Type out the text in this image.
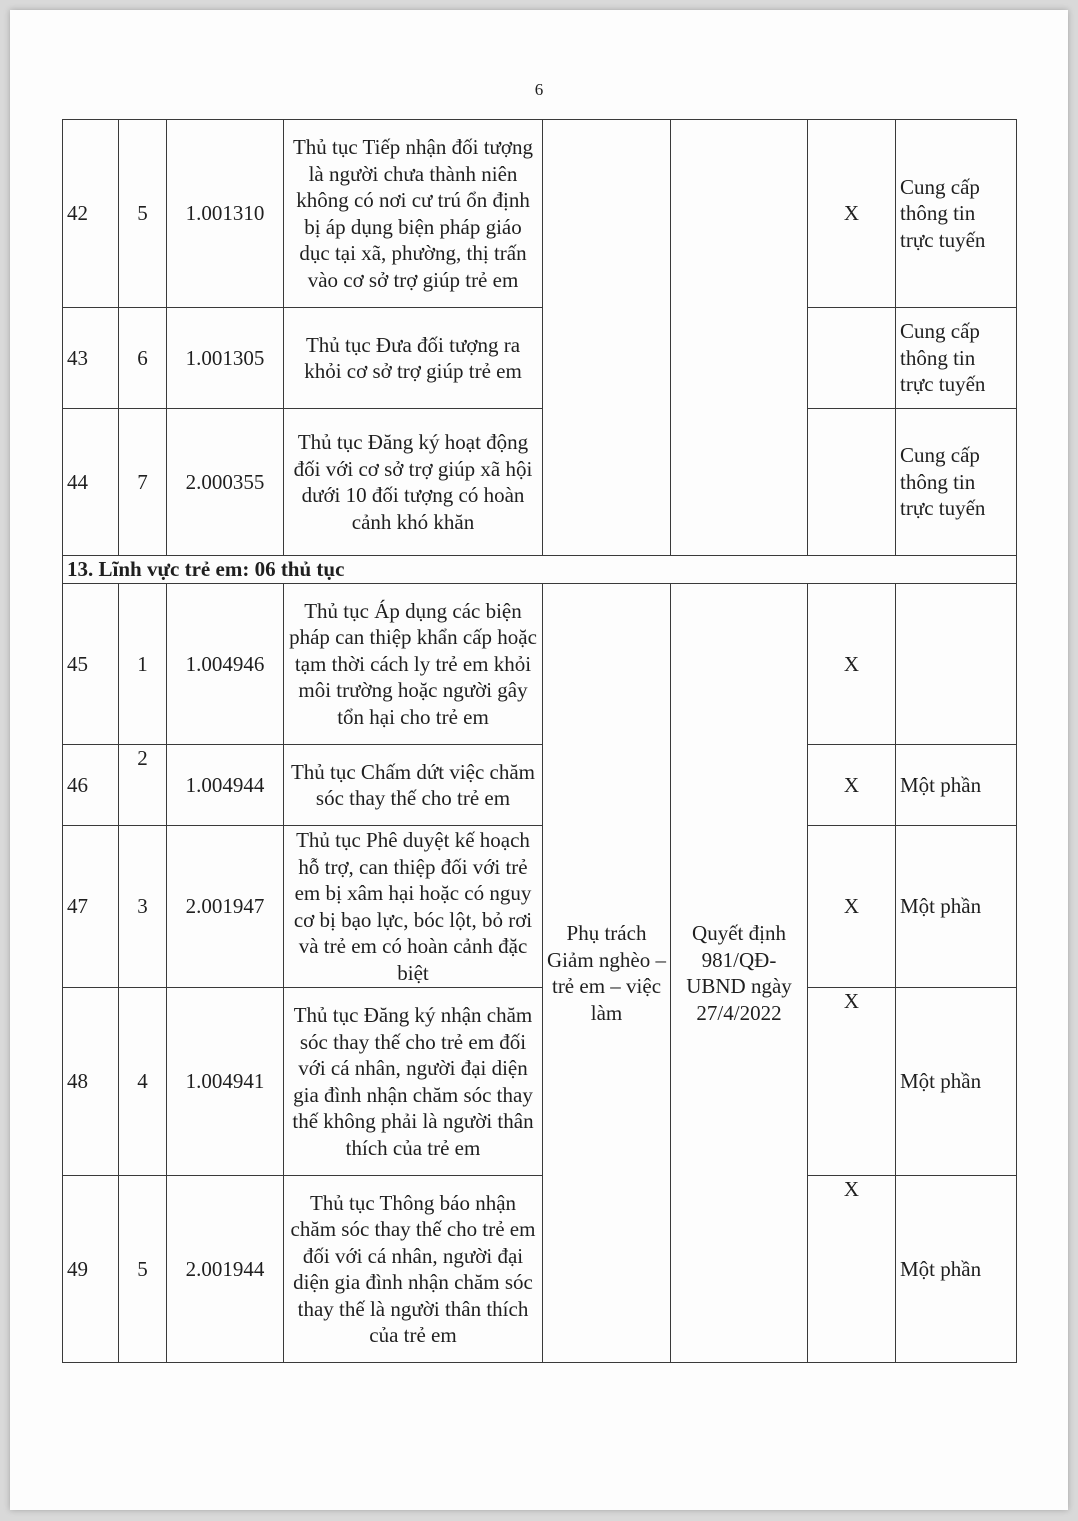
6
42	5	1.001310	Thủ tục Tiếp nhận đối tượng là người chưa thành niên không có nơi cư trú ổn định bị áp dụng biện pháp giáo dục tại xã, phường, thị trấn vào cơ sở trợ giúp trẻ em			X	Cung cấp thông tin trực tuyến
43	6	1.001305	Thủ tục Đưa đối tượng ra khỏi cơ sở trợ giúp trẻ em				Cung cấp thông tin trực tuyến
44	7	2.000355	Thủ tục Đăng ký hoạt động đối với cơ sở trợ giúp xã hội dưới 10 đối tượng có hoàn cảnh khó khăn				Cung cấp thông tin trực tuyến
13. Lĩnh vực trẻ em: 06 thủ tục							
45	1	1.004946	Thủ tục Áp dụng các biện pháp can thiệp khẩn cấp hoặc tạm thời cách ly trẻ em khỏi môi trường hoặc người gây tổn hại cho trẻ em	Phụ trách Giảm nghèo – trẻ em – việc làm	Quyết định 981/QĐ-UBND ngày 27/4/2022	X	
46	2	1.004944	Thủ tục Chấm dứt việc chăm sóc thay thế cho trẻ em			X	Một phần
47	3	2.001947	Thủ tục Phê duyệt kế hoạch hỗ trợ, can thiệp đối với trẻ em bị xâm hại hoặc có nguy cơ bị bạo lực, bóc lột, bỏ rơi và trẻ em có hoàn cảnh đặc biệt			X	Một phần
48	4	1.004941	Thủ tục Đăng ký nhận chăm sóc thay thế cho trẻ em đối với cá nhân, người đại diện gia đình nhận chăm sóc thay thế không phải là người thân thích của trẻ em			X	Một phần
49	5	2.001944	Thủ tục Thông báo nhận chăm sóc thay thế cho trẻ em đối với cá nhân, người đại diện gia đình nhận chăm sóc thay thế là người thân thích của trẻ em			X	Một phần
